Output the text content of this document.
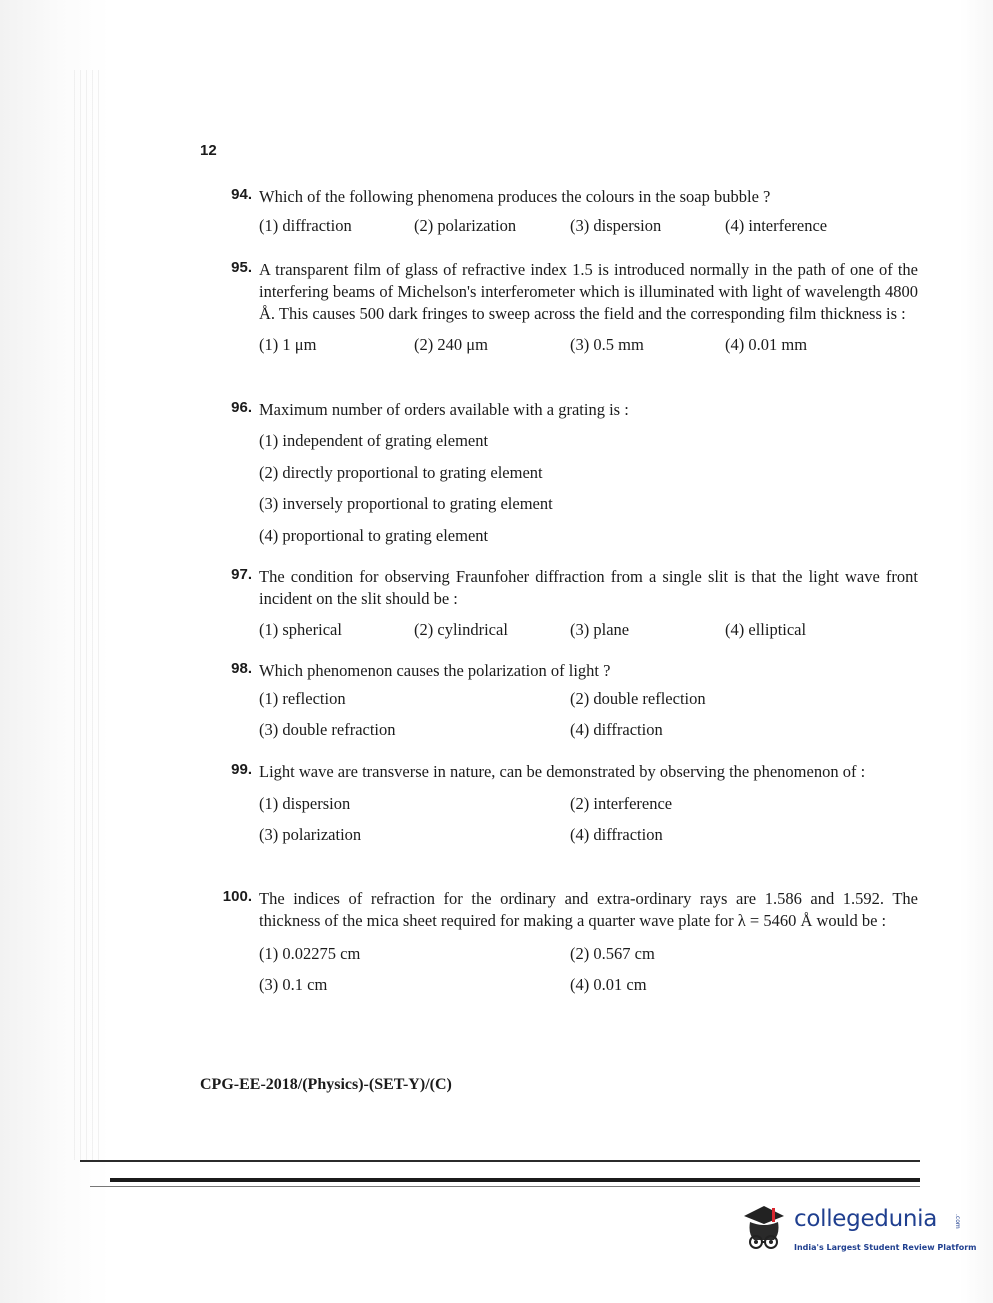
12
94. Which of the following phenomena produces the colours in the soap bubble ?
(1) diffraction	(2) polarization	(3) dispersion	(4) interference
95. A transparent film of glass of refractive index 1.5 is introduced normally in the path of one of the interfering beams of Michelson's interferometer which is illuminated with light of wavelength 4800 Å. This causes 500 dark fringes to sweep across the field and the corresponding film thickness is :
(1) 1 μm	(2) 240 μm	(3) 0.5 mm	(4) 0.01 mm
96. Maximum number of orders available with a grating is :
(1) independent of grating element
(2) directly proportional to grating element
(3) inversely proportional to grating element
(4) proportional to grating element
97. The condition for observing Fraunfoher diffraction from a single slit is that the light wave front incident on the slit should be :
(1) spherical	(2) cylindrical	(3) plane	(4) elliptical
98. Which phenomenon causes the polarization of light ?
(1) reflection	(2) double reflection
(3) double refraction	(4) diffraction
99. Light wave are transverse in nature, can be demonstrated by observing the phenomenon of :
(1) dispersion	(2) interference
(3) polarization	(4) diffraction
100. The indices of refraction for the ordinary and extra-ordinary rays are 1.586 and 1.592. The thickness of the mica sheet required for making a quarter wave plate for λ = 5460 Å would be :
(1) 0.02275 cm	(2) 0.567 cm
(3) 0.1 cm	(4) 0.01 cm
CPG-EE-2018/(Physics)-(SET-Y)/(C)
collegedunia	.com
India's Largest Student Review Platform
